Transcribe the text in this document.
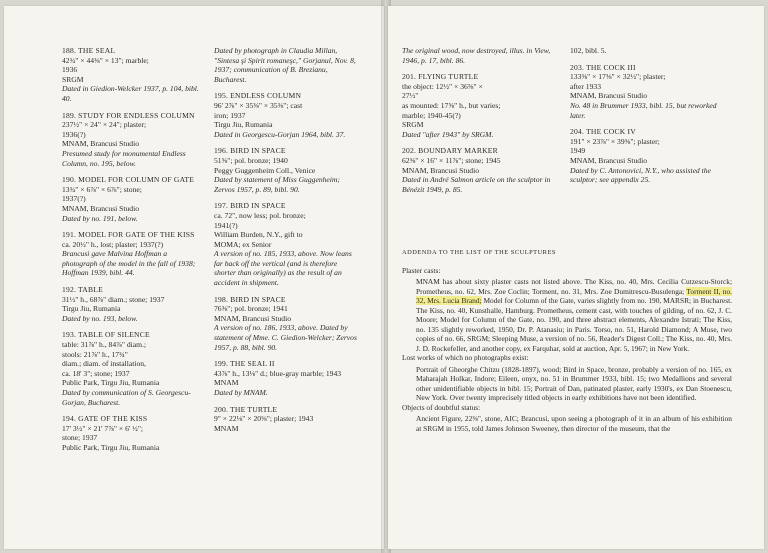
188. THE SEAL
42¾" × 44⅜" × 13"; marble;
1936
SRGM
Dated in Giedion-Welcker 1937, p. 104, bibl. 40.
189. STUDY FOR ENDLESS COLUMN
237½" × 24" × 24"; plaster;
1936(?)
MNAM, Brancusi Studio
Presumed study for monumental Endless Column, no. 195, below.
190. MODEL FOR COLUMN OF GATE
13¾" × 6⅞" × 6⅞"; stone;
1937(?)
MNAM, Brancusi Studio
Dated by no. 191, below.
191. MODEL FOR GATE OF THE KISS
ca. 20½" h., lost; plaster; 1937(?)
Brancusi gave Malvina Hoffman a photograph of the model in the fall of 1938; Hoffman 1939, bibl. 44.
192. TABLE
31½" h., 68⅞" diam.; stone; 1937
Tirgu Jiu, Rumania
Dated by no. 193, below.
193. TABLE OF SILENCE
table: 31⅞" h., 84⅞" diam.;
stools: 21⅞" h., 17¾"
diam.; diam. of installation,
ca. 18' 3"; stone; 1937
Public Park, Tirgu Jiu, Rumania
Dated by communication of S. Georgescu-Gorjan, Bucharest.
194. GATE OF THE KISS
17' 3½" × 21' 7⅞" × 6' ½";
stone; 1937
Public Park, Tirgu Jiu, Rumania
Dated by photograph in Claudia Millan, "Sintesa şi Spirit romaneşc," Gorjanul, Nov. 8, 1937; communication of B. Brezianu, Bucharest.
195. ENDLESS COLUMN
96' 2⅞" × 35⅜" × 35⅜"; cast
iron; 1937
Tirgu Jiu, Rumania
Dated in Georgescu-Gorjan 1964, bibl. 37.
196. BIRD IN SPACE
51⅝"; pol. bronze; 1940
Peggy Guggenheim Coll., Venice
Dated by statement of Miss Guggenheim; Zervos 1957, p. 89, bibl. 90.
197. BIRD IN SPACE
ca. 72", now less; pol. bronze;
1941(?)
William Burden, N.Y., gift to
MOMA; ex Senior
A version of no. 185, 1933, above. Now leans far back off the vertical (and is therefore shorter than originally) as the result of an accident in shipment.
198. BIRD IN SPACE
76⅜"; pol. bronze; 1941
MNAM, Brancusi Studio
A version of no. 186, 1933, above. Dated by statement of Mme. C. Giedion-Welcker; Zervos 1957, p. 88, bibl. 90.
199. THE SEAL II
43⅞" h., 13⅛" d.; blue-gray marble; 1943
MNAM
Dated by MNAM.
200. THE TURTLE
9" × 22⅛" × 20⅝"; plaster; 1943
MNAM
The original wood, now destroyed, illus. in View, 1946, p. 17, bibl. 86.
201. FLYING TURTLE
the object: 12½" × 36⅝" ×
27½"
as mounted: 17⅝" h., but varies;
marble; 1940-45(?)
SRGM
Dated "after 1943" by SRGM.
202. BOUNDARY MARKER
62⅝" × 16" × 11⅞"; stone; 1945
MNAM, Brancusi Studio
Dated in André Salmon article on the sculptor in Bénézit 1949, p. 85.
102, bibl. 5.
203. THE COCK III
133⅜" × 17⅜" × 32½"; plaster;
after 1933
MNAM, Brancusi Studio
No. 48 in Brummer 1933, bibl. 15, but reworked later.
204. THE COCK IV
191" × 23⅞" × 39⅜"; plaster;
1949
MNAM, Brancusi Studio
Dated by C. Antonovici, N.Y., who assisted the sculptor; see appendix 25.
ADDENDA TO THE LIST OF THE SCULPTURES
Plaster casts:
MNAM has about sixty plaster casts not listed above. The Kiss, no. 40, Mrs. Cecilia Cutzescu-Storck; Prometheus, no. 62, Mrs. Zoe Coclin; Torment, no. 31, Mrs. Zoe Dumitrescu-Busulenga; Torment II, no. 32, Mrs. Lucia Brand; Model for Column of the Gate, varies slightly from no. 190, MARSR; in Bucharest. The Kiss, no. 40, Kunsthalle, Hamburg. Prometheus, cement cast, with touches of gilding, of no. 62, J. C. Moore; Model for Column of the Gate, no. 190, and three abstract elements, Alexandre Istrati; The Kiss, no. 135 slightly reworked, 1950, Dr. P. Atanasiu; in Paris. Torso, no. 51, Harold Diamond; A Muse, two copies of no. 66, SRGM; Sleeping Muse, a version of no. 56, Reader's Digest Coll.; The Kiss, no. 40, Mrs. J. D. Rockefeller, and another copy, ex Farquhar, sold at auction, Apr. 5, 1967; in New York.
Lost works of which no photographs exist:
Portrait of Gheorghe Chitzu (1828-1897), wood; Bird in Space, bronze, probably a version of no. 165, ex Maharajah Holkar, Indore; Eileen, onyx, no. 51 in Brummer 1933, bibl. 15; two Medallions and several other unidentifiable objects in bibl. 15; Portrait of Dan, patinated plaster, early 1930's, ex Dan Stoenescu, New York. Over twenty imprecisely titled objects in early exhibitions have not been identified.
Objects of doubtful status:
Ancient Figure, 22⅜", stone, AIC; Brancusi, upon seeing a photograph of it in an album of his exhibition at SRGM in 1955, told James Johnson Sweeney, then director of the museum, that the
